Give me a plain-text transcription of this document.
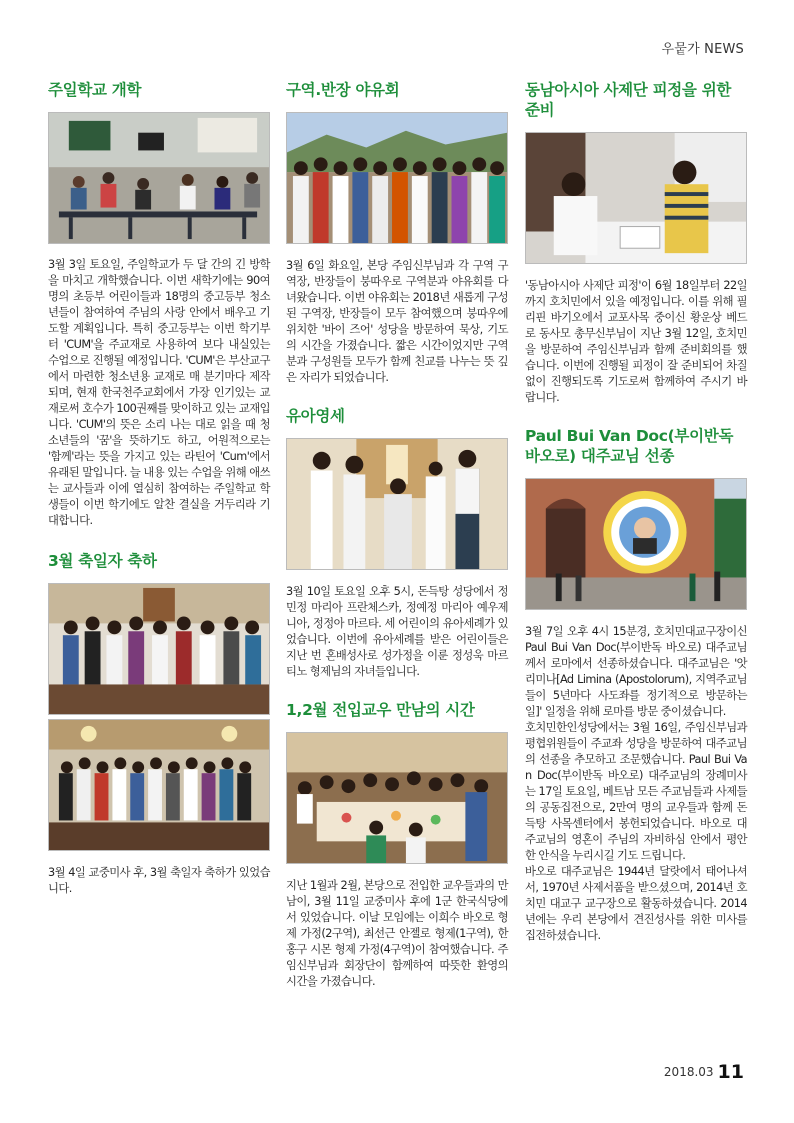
우뭍가 NEWS
주일학교 개학

3월 3일 토요일, 주일학교가 두 달 간의 긴 방학을 마치고 개학했습니다. 이번 새학기에는 90여명의 초등부 어린이들과 18명의 중고등부 청소년들이 참여하여 주님의 사랑 안에서 배우고 기도할 계획입니다. 특히 중고등부는 이번 학기부터 'CUM'을 주교재로 사용하여 보다 내실있는 수업으로 진행될 예정입니다. 'CUM'은 부산교구에서 마련한 청소년용 교재로 매 분기마다 제작되며, 현재 한국천주교회에서 가장 인기있는 교재로써 호수가 100권째를 맞이하고 있는 교재입니다. 'CUM'의 뜻은 소리 나는 대로 읽을 때 청소년들의 '꿈'을 뜻하기도 하고, 어원적으로는 '함께'라는 뜻을 가지고 있는 라틴어 'Cum'에서 유래된 말입니다. 늘 내용 있는 수업을 위해 애쓰는 교사들과 이에 열심히 참여하는 주일학교 학생들이 이번 학기에도 알찬 결실을 거두리라 기대합니다.

3월 축일자 축하

3월 4일 교중미사 후, 3월 축일자 축하가 있었습니다.

구역.반장 야유회

3월 6일 화요일, 본당 주임신부님과 각 구역 구역장, 반장들이 붕따우로 구역분과 야유회를 다녀왔습니다. 이번 야유회는 2018년 새롭게 구성된 구역장, 반장들이 모두 참여했으며 붕따우에 위치한 '바이 즈어' 성당을 방문하여 묵상, 기도의 시간을 가졌습니다. 짧은 시간이었지만 구역분과 구성원들 모두가 함께 친교를 나누는 뜻 깊은 자리가 되었습니다.

유아영세

3월 10일 토요일 오후 5시, 돈득탕 성당에서 정민정 마리아 프란체스카, 정예정 마리아 예우제니아, 정정아 마르타. 세 어린이의 유아세례가 있었습니다. 이번에 유아세례를 받은 어린이들은 지난 번 혼배성사로 성가정을 이룬 정성욱 마르티노 형제님의 자녀들입니다.

1,2월 전입교우 만남의 시간

지난 1월과 2월, 본당으로 전입한 교우들과의 만남이, 3월 11일 교중미사 후에 1군 한국식당에서 있었습니다. 이날 모임에는 이희수 바오로 형제 가정(2구역), 최선근 안젤로 형제(1구역), 한홍구 시몬 형제 가정(4구역)이 참여했습니다. 주임신부님과 회장단이 함께하여 따뜻한 환영의 시간을 가졌습니다.

동남아시아 사제단 피정을 위한 준비

'동남아시아 사제단 피정'이 6월 18일부터 22일까지 호치민에서 있을 예정입니다. 이를 위해 필리핀 바기오에서 교포사목 중이신 황운상 베드로 동사모 총무신부님이 지난 3월 12일, 호치민을 방문하여 주임신부님과 함께 준비회의를 했습니다. 이번에 진행될 피정이 잘 준비되어 차질 없이 진행되도록 기도로써 함께하여 주시기 바랍니다.

Paul Bui Van Doc(부이반독 바오로) 대주교님 선종

3월 7일 오후 4시 15분경, 호치민대교구장이신 Paul Bui Van Doc(부이반독 바오로) 대주교님께서 로마에서 선종하셨습니다. 대주교님은 '앗리미나[Ad Limina (Apostolorum), 지역주교님들이 5년마다 사도좌를 정기적으로 방문하는 일]' 일정을 위해 로마를 방문 중이셨습니다.

호치민한인성당에서는 3월 16일, 주임신부님과 평협위원들이 주교좌 성당을 방문하여 대주교님의 선종을 추모하고 조문했습니다. Paul Bui Van Doc(부이반독 바오로) 대주교님의 장례미사는 17일 토요일, 베트남 모든 주교님들과 사제들의 공동집전으로, 2만여 명의 교우들과 함께 돈득탕 사목센터에서 봉헌되었습니다. 바오로 대주교님의 영혼이 주님의 자비하심 안에서 평안한 안식을 누리시길 기도 드립니다.

바오로 대주교님은 1944년 달랏에서 태어나셔서, 1970년 사제서품을 받으셨으며, 2014년 호치민 대교구 교구장으로 활동하셨습니다. 2014년에는 우리 본당에서 견진성사를 위한 미사를 집전하셨습니다.

2018.03 11
